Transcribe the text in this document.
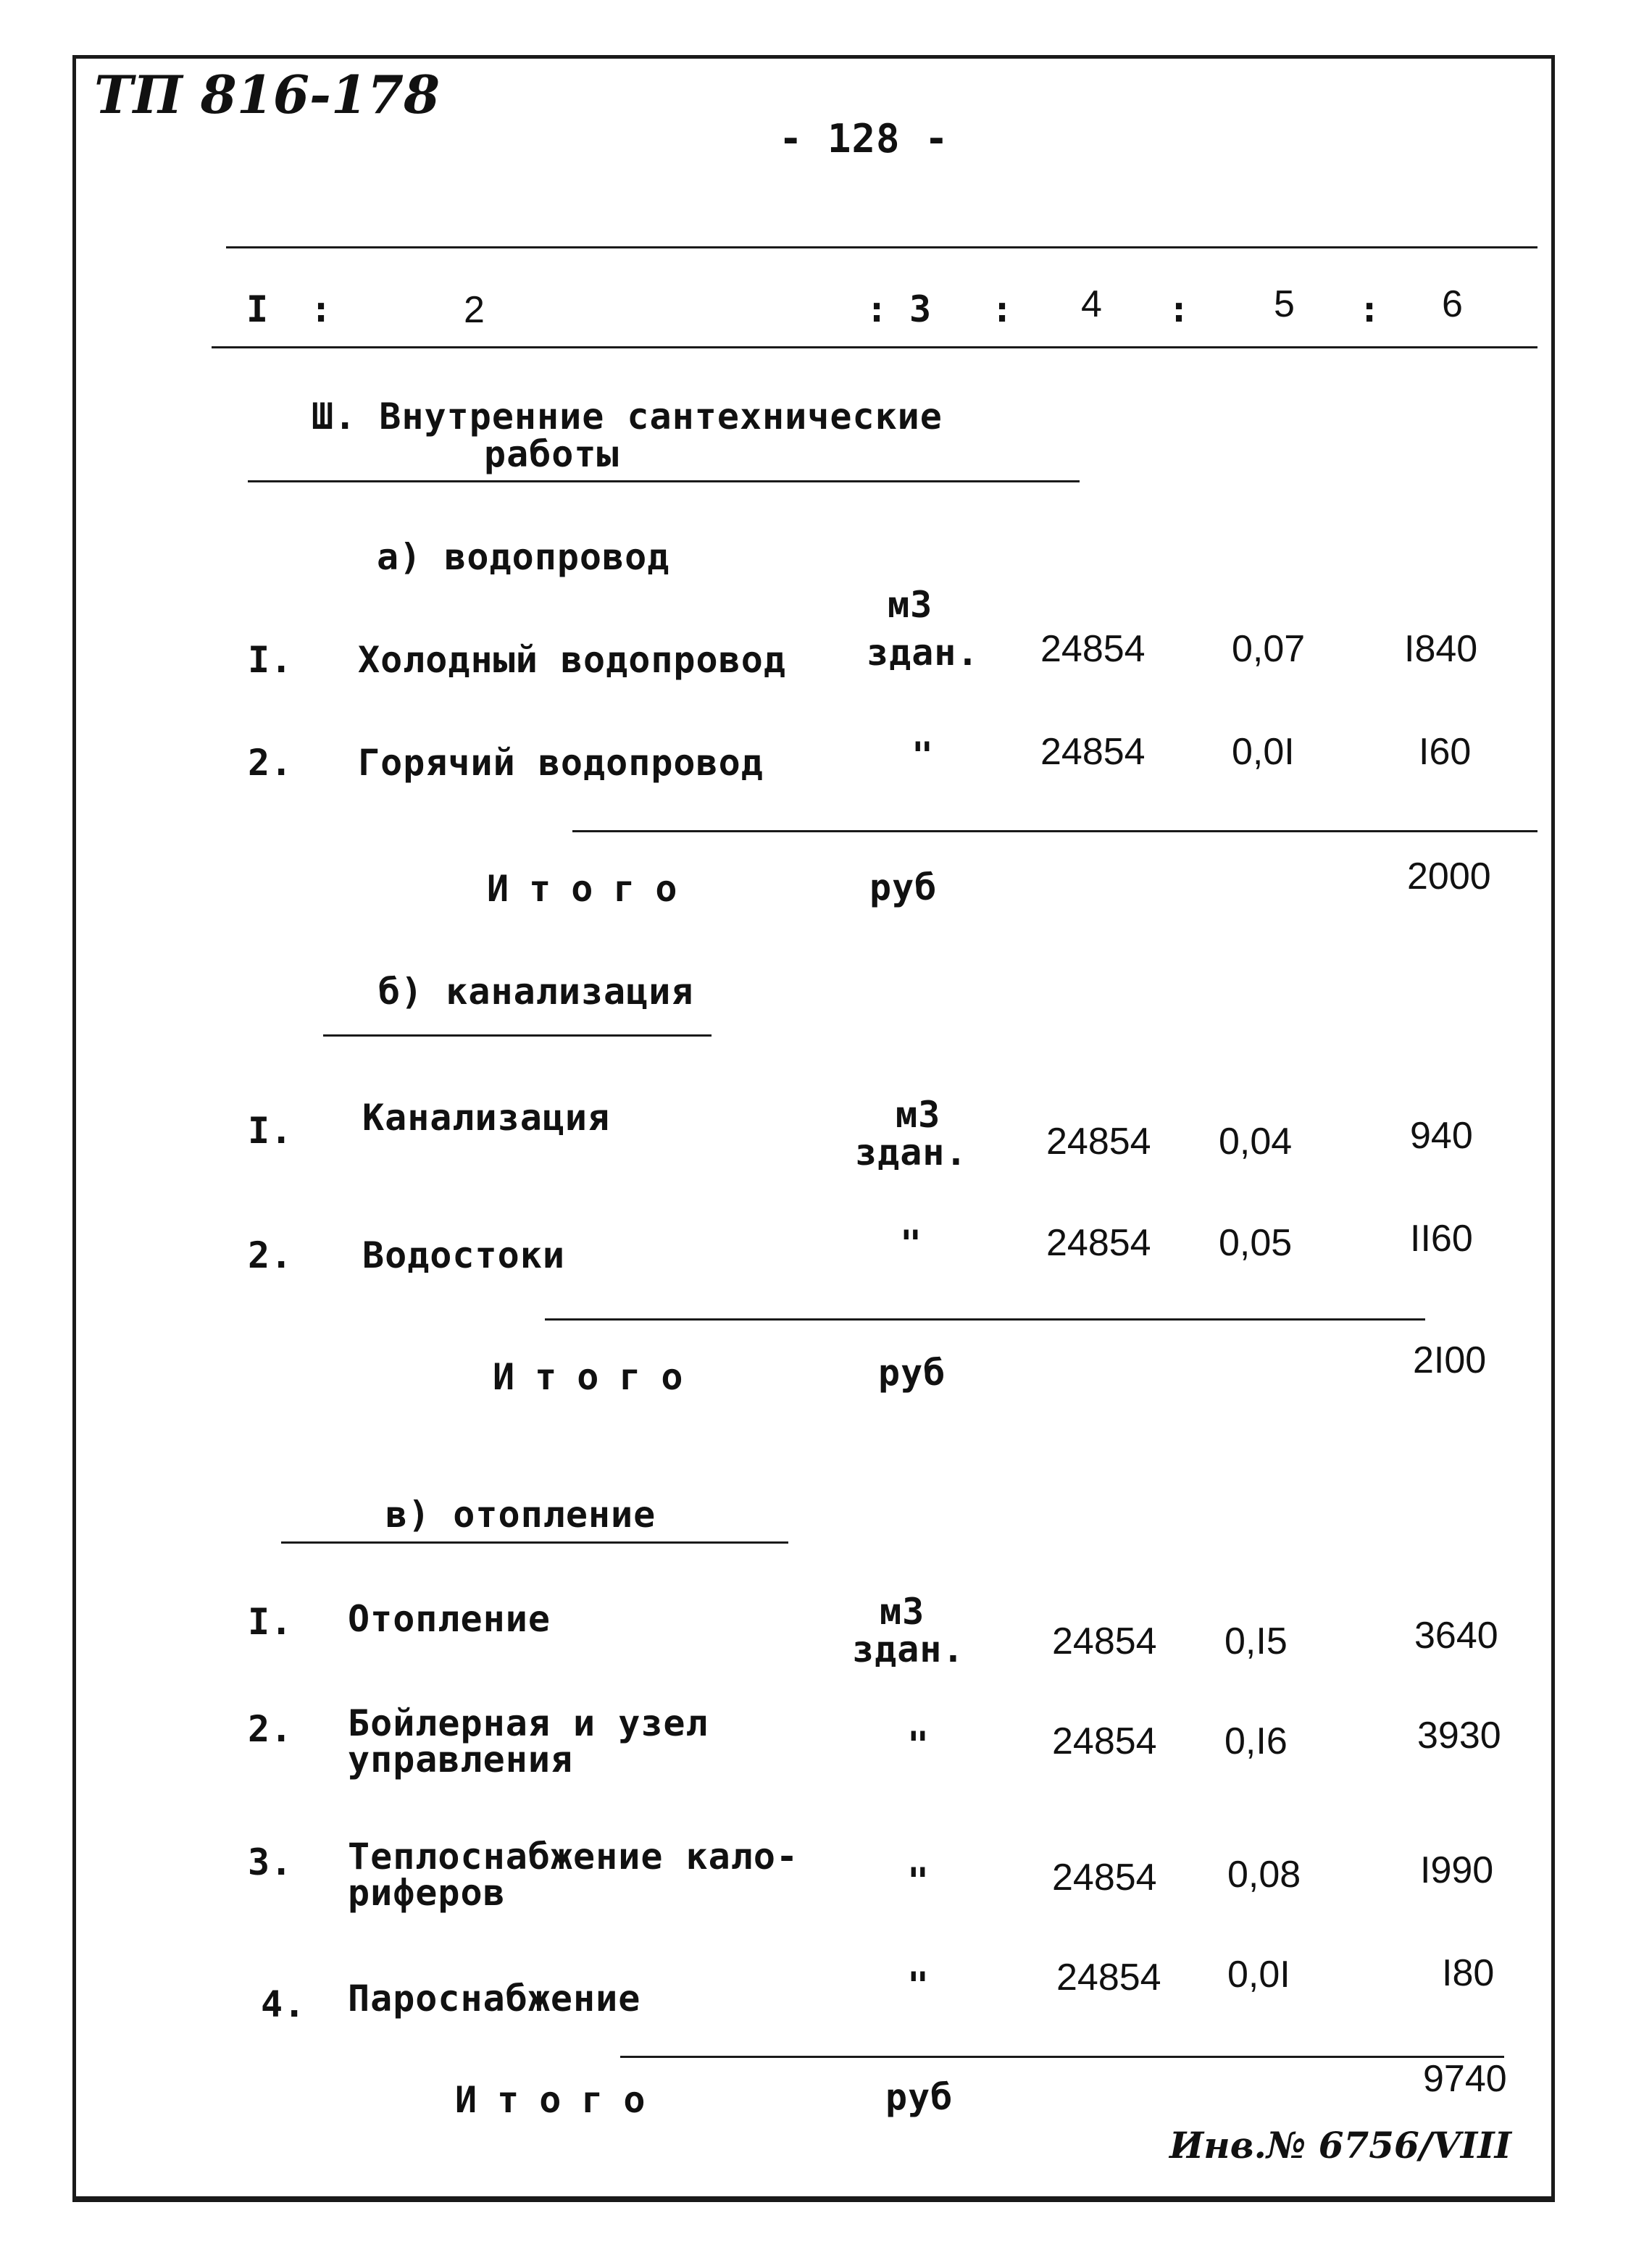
ТП 816-178
- 128 -
I :	2	: 3 : 4 : 5 : 6
Ш. Внутренние сантехнические
работы
а) водопровод
I. Холодный водопровод
м3
здан. 24854 0,07	I840
2. Горячий водопровод	"	24854 0,0I	I60
Итого	руб	2000
б) канализация
I. Канализация	м3
здан. 24854 0,04	940
2. Водостоки	"	24854 0,05	II60
Итого	руб	2I00
в) отопление
I. Отопление	м3
здан. 24854 0,I5	3640
2. Бойлерная и узел
управления	"	24854 0,I6	3930
3. Теплоснабжение кало-
риферов	"	24854 0,08	I990
4. Пароснабжение	"	24854 0,0I	I80
Итого	руб	9740
Инв.№ 6756/VIII
